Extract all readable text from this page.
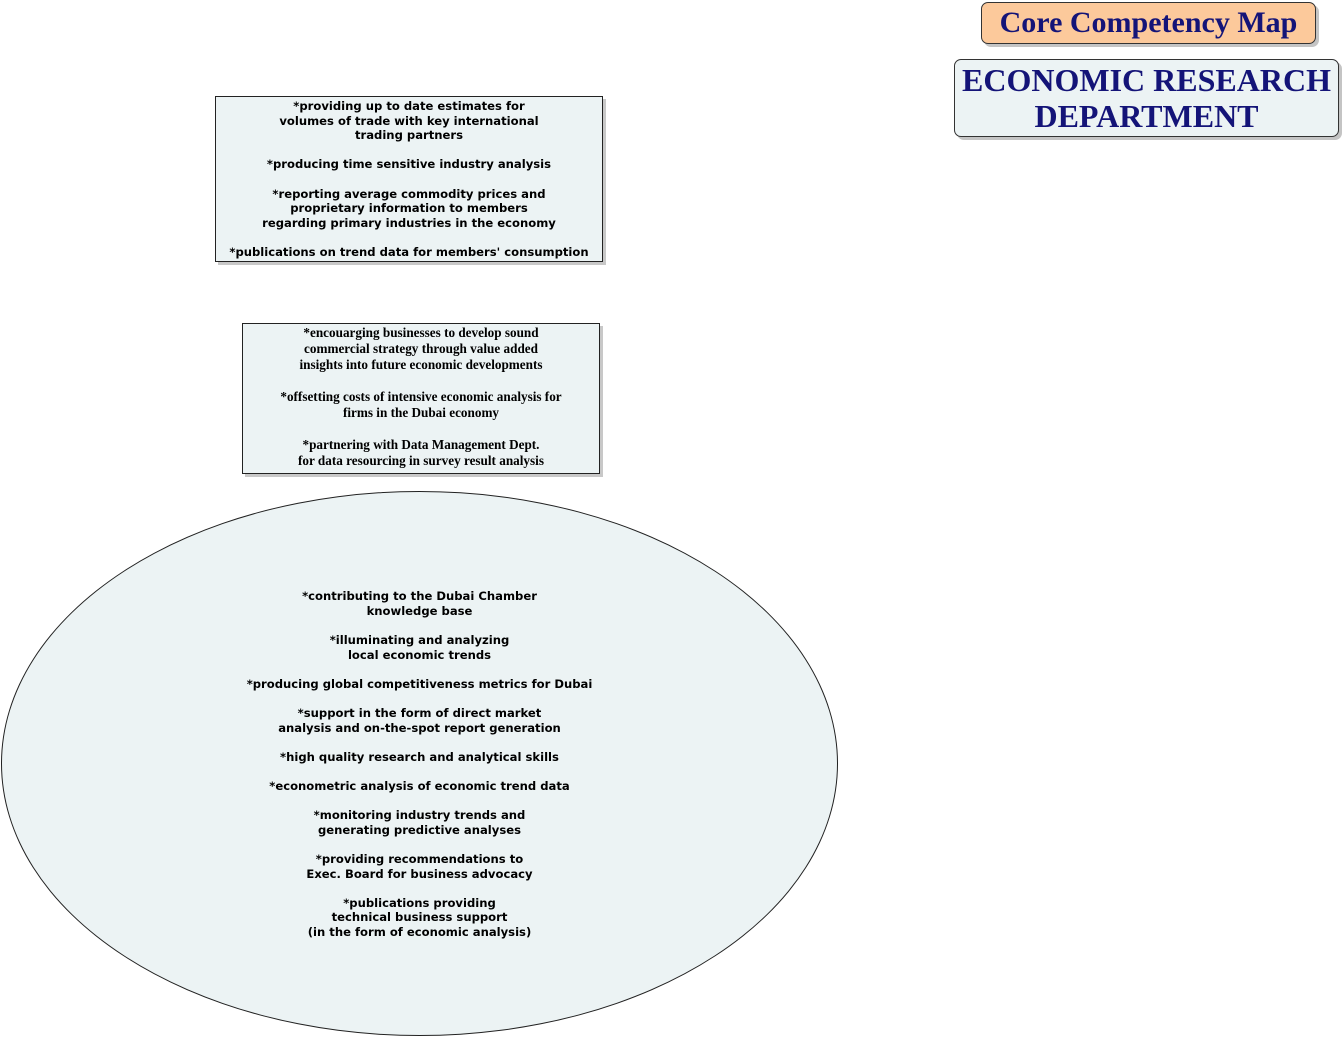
Core Competency Map
ECONOMIC RESEARCH
DEPARTMENT
*providing up to date estimates for
volumes of trade with key international
trading partners
*producing time sensitive industry analysis
*reporting average commodity prices and
proprietary information to members
regarding primary industries in the economy
*publications on trend data for members' consumption
*encouarging businesses to develop sound
commercial strategy through value added
insights into future economic developments
*offsetting costs of intensive economic analysis for
firms in the Dubai economy
*partnering with Data Management Dept.
for data resourcing in survey result analysis
*contributing to the Dubai Chamber
knowledge base
*illuminating and analyzing
local economic trends
*producing global competitiveness metrics for Dubai
*support in the form of direct market
analysis and on-the-spot report generation
*high quality research and analytical skills
*econometric analysis of economic trend data
*monitoring industry trends and
generating predictive analyses
*providing recommendations to
Exec. Board for business advocacy
*publications providing
technical business support
(in the form of economic analysis)
